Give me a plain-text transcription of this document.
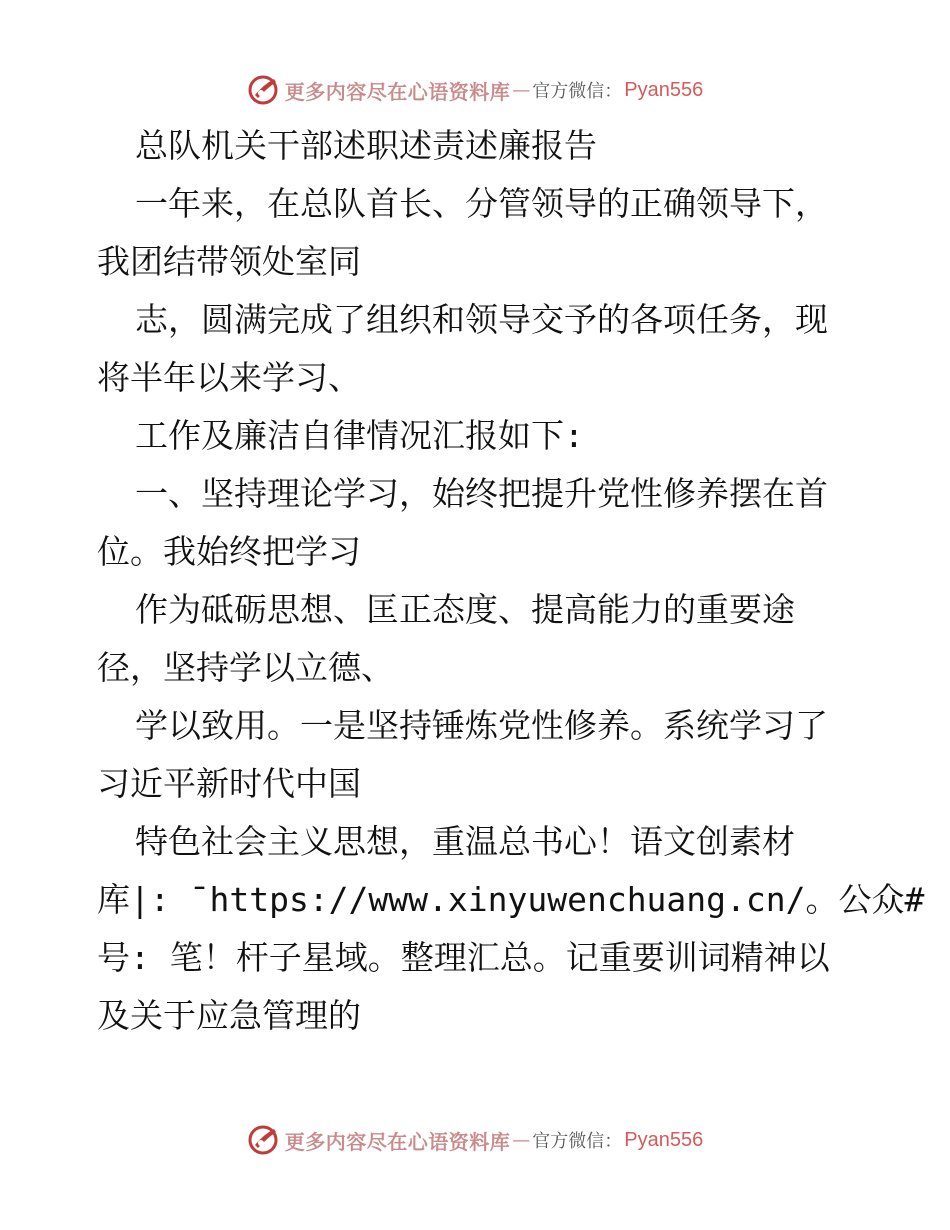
更多内容尽在心语资料库 — 官方微信： Pyan556
总队机关干部述职述责述廉报告
一年来，在总队首长、分管领导的正确领导下，
我团结带领处室同
志，圆满完成了组织和领导交予的各项任务，现
将半年以来学习、
工作及廉洁自律情况汇报如下:
一、坚持理论学习，始终把提升党性修养摆在首
位。我始终把学习
作为砥砺思想、匡正态度、提高能力的重要途
径，坚持学以立德、
学以致用。一是坚持锤炼党性修养。系统学习了
习近平新时代中国
特色社会主义思想，重温总书心！语文创素材
库|: ¯https://www.xinyuwenchuang.cn/。公众#
号: 笔！杆子星域。整理汇总。记重要训词精神以
及关于应急管理的
更多内容尽在心语资料库 — 官方微信： Pyan556
